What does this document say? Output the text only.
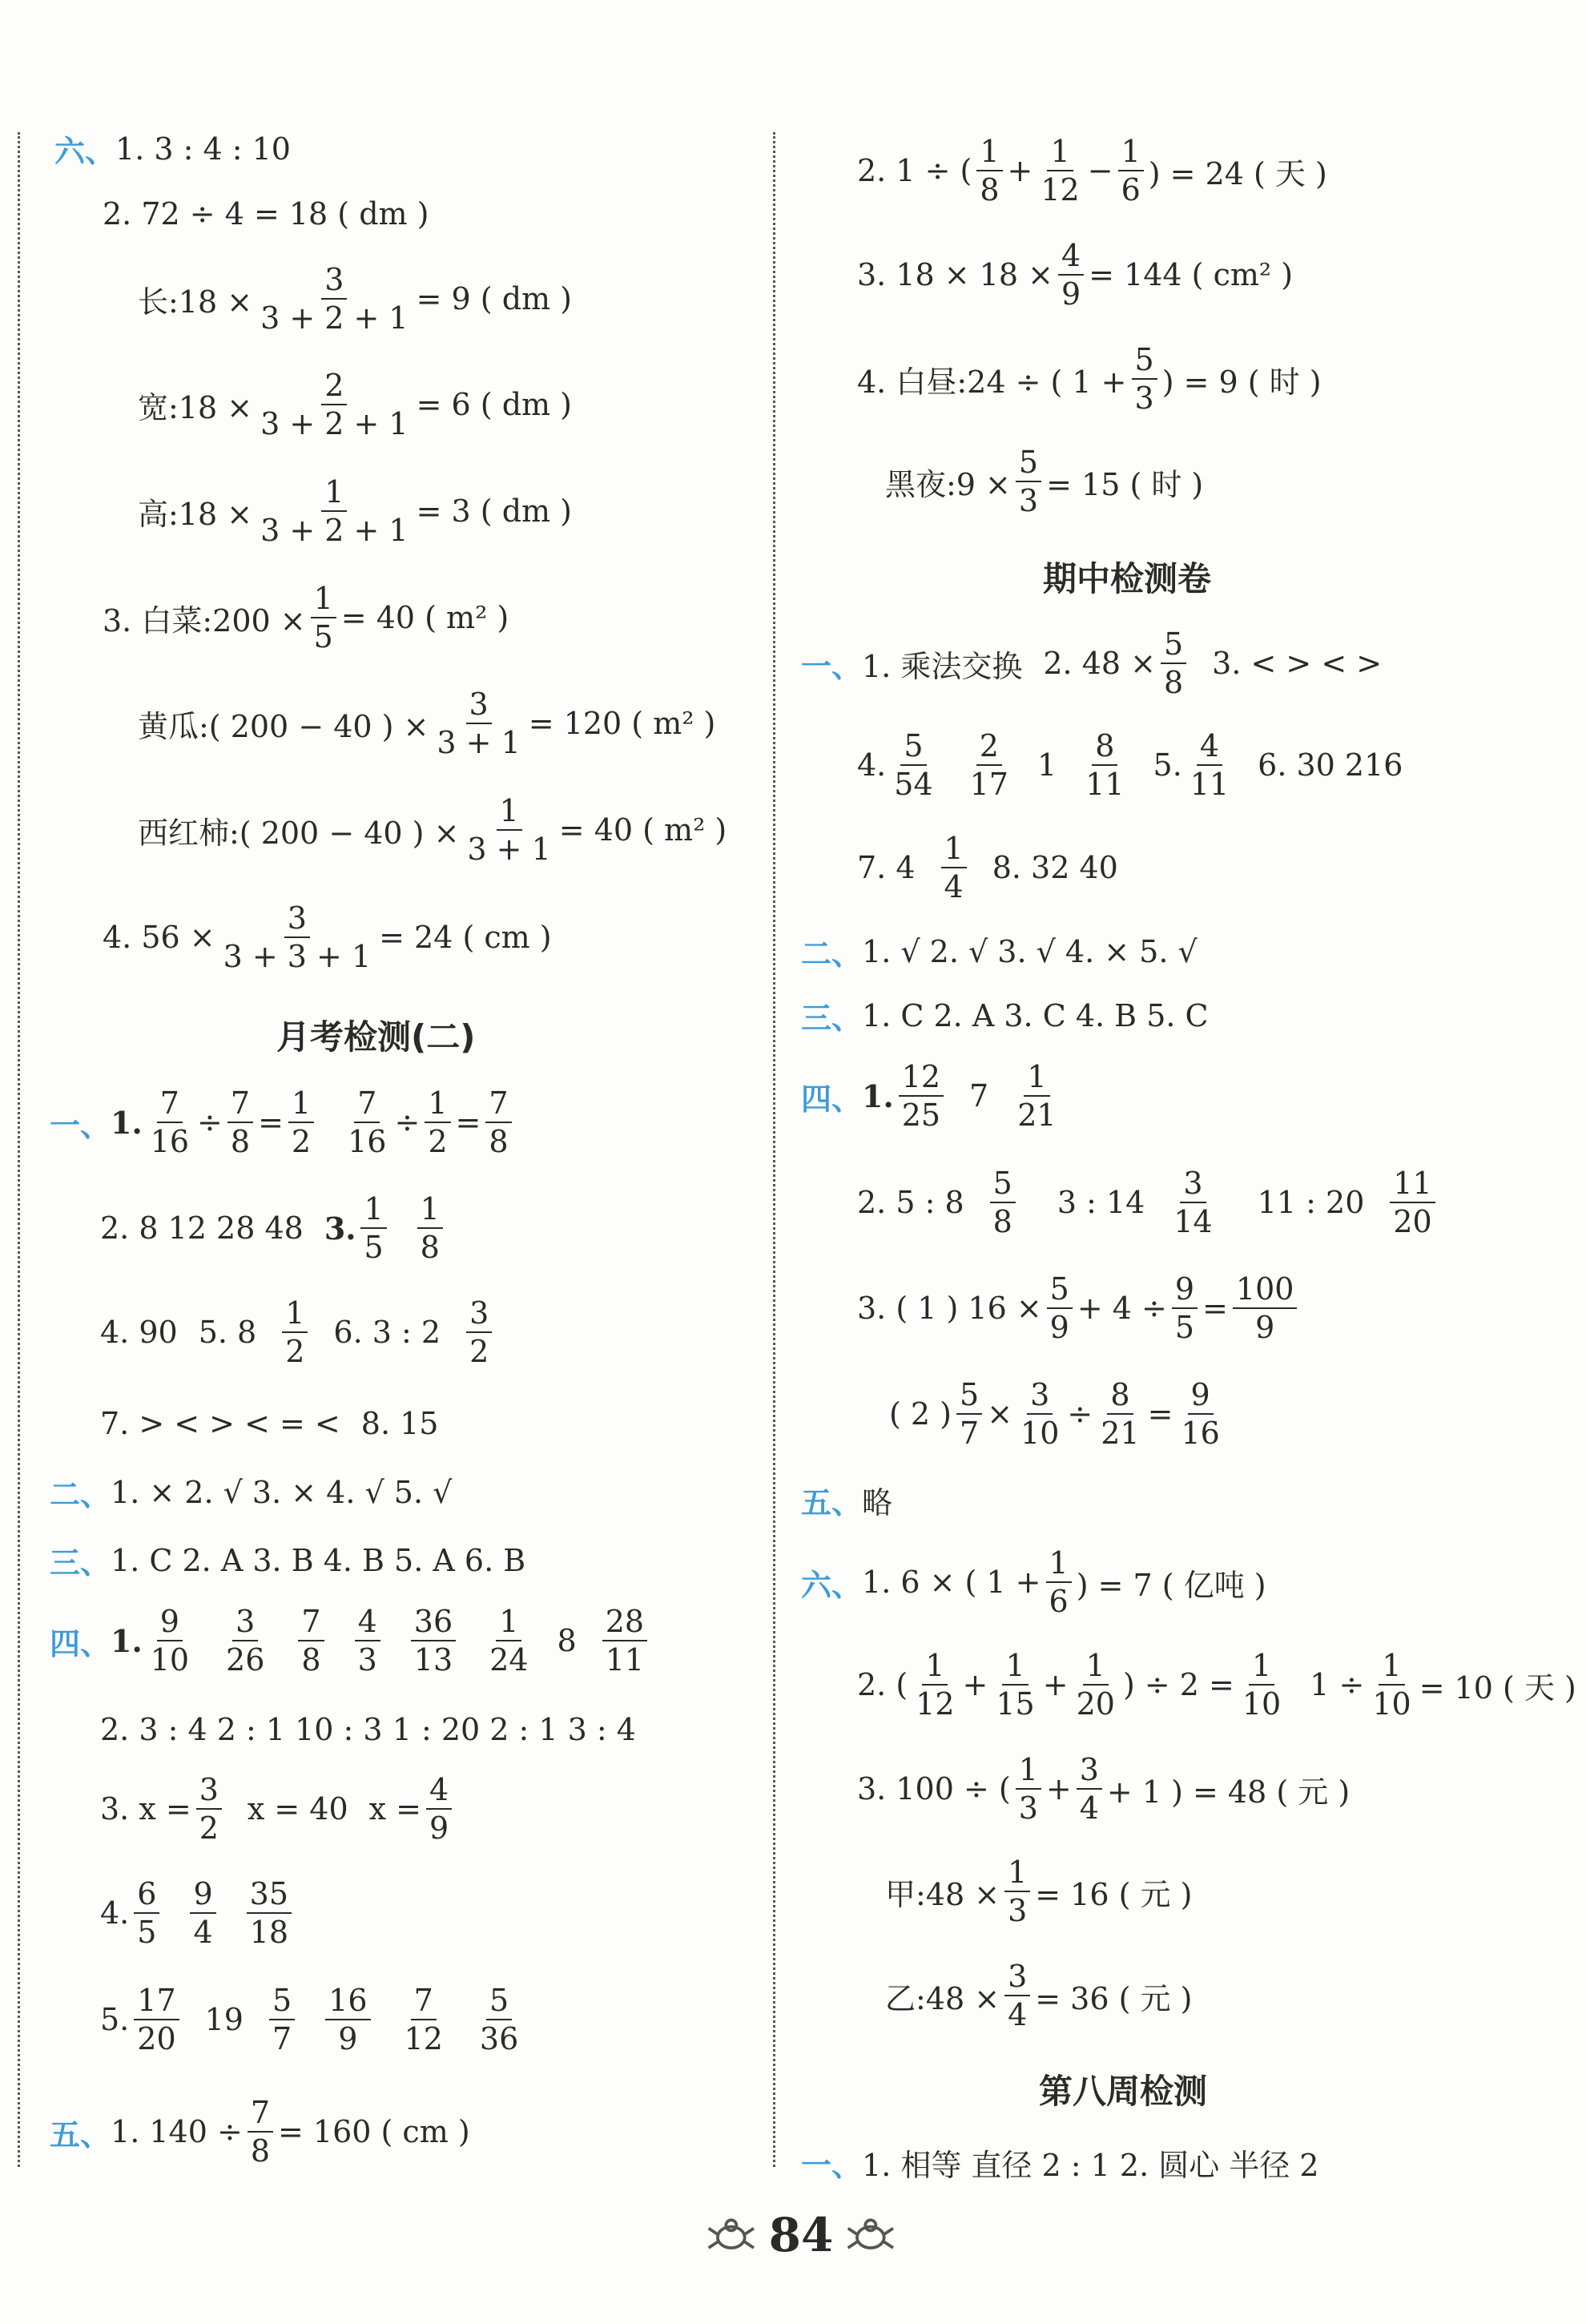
六、 1. 3 : 4 : 10
2. 72 ÷ 4 = 18 ( dm )
长:18 × $\frac{3}{3 + 2 + 1} = 9$ ( dm )
宽:18 × $\frac{2}{3 + 2 + 1} = 6$ ( dm )
高:18 × $\frac{1}{3 + 2 + 1} = 3$ ( dm )
3. 白菜:200 × $\frac{1}{5} = 40$ ( m² )
黄瓜:( 200 − 40 ) × $\frac{3}{3 + 1} = 120$ ( m² )
西红柿:( 200 − 40 ) × $\frac{1}{3 + 1} = 40$ ( m² )
4. $56 \times \frac{3}{3 + 3 + 1} = 24$ ( cm )
月考检测(二)
一、 1. $\frac{7}{16} \div \frac{7}{8} = \frac{1}{2} \frac{7}{16} \div \frac{1}{2} = \frac{7}{8}$
2. 8 12 28 48 3. $\frac{1}{5} \frac{1}{8}$
4. 90 5. $8 \frac{1}{2} 6$. 3 : $2 \frac{3}{2}$
7. > < > < = < 8. 15
二、 1. × 2. √ 3. × 4. √ 5. √
三、 1. C 2. A 3. B 4. B 5. A 6. B
四、 1. $\frac{9}{10} \frac{3}{26} \frac{7}{8} \frac{4}{3} \frac{36}{13} \frac{1}{24} 8 \frac{28}{11}$
2. 3 : 4 2 : 1 10 : 3 1 : 20 2 : 1 3 : 4
3. $x = \frac{3}{2}$ x = 40 $x = \frac{4}{9}$
4. $\frac{6}{5} \frac{9}{4} \frac{35}{18}$
5. $\frac{17}{20} 19 \frac{5}{7} \frac{16}{9} \frac{7}{12} \frac{5}{36}$
五、 1. $140 \div \frac{7}{8} = 160$ ( cm )
2. 1 ÷ ( $\frac{1}{8} + \frac{1}{12} - \frac{1}{6}$ ) = 24 ( 天 )
3. $18 \times 18 \times \frac{4}{9} = 144$ ( cm² )
4. 白昼:24 ÷ ( $1 + \frac{5}{3}$ ) = 9 ( 时 )
黑夜:9 × $\frac{5}{3} = 15$ ( 时 )
期中检测卷
一、 1. 乘法交换 2. $48 \times \frac{5}{8} 3$. < > < >
4. $\frac{5}{54} \frac{2}{17} 1 \frac{8}{11} 5$. $\frac{4}{11} 6$. 30 216
7. $4 \frac{1}{4} 8$. 32 40
二、 1. √ 2. √ 3. √ 4. × 5. √
三、 1. C 2. A 3. C 4. B 5. C
四、 1. $\frac{12}{25} 7 \frac{1}{21}$
2. 5 : $8 \frac{5}{8} 3$ : $14 \frac{3}{14} 11$ : $20 \frac{11}{20}$
3. ( 1 ) $16 \times \frac{5}{9} + 4 \div \frac{9}{5} = \frac{100}{9}$
( 2 ) $\frac{5}{7} \times \frac{3}{10} \div \frac{8}{21} = \frac{9}{16}$
五、 略
六、 1. 6 × ( $1 + \frac{1}{6}$ ) = 7 ( 亿吨 )
2. ( $\frac{1}{12} + \frac{1}{15} + \frac{1}{20}$ ) ÷ $2 = \frac{1}{10} 1 \div \frac{1}{10} = 10$ ( 天 )
3. 100 ÷ ( $\frac{1}{3} + \frac{3}{4} + 1$ ) = 48 ( 元 )
甲:48 × $\frac{1}{3} = 16$ ( 元 )
乙:48 × $\frac{3}{4} = 36$ ( 元 )
第八周检测
一、 1. 相等 直径 2 : 1 2. 圆心 半径 2
84
